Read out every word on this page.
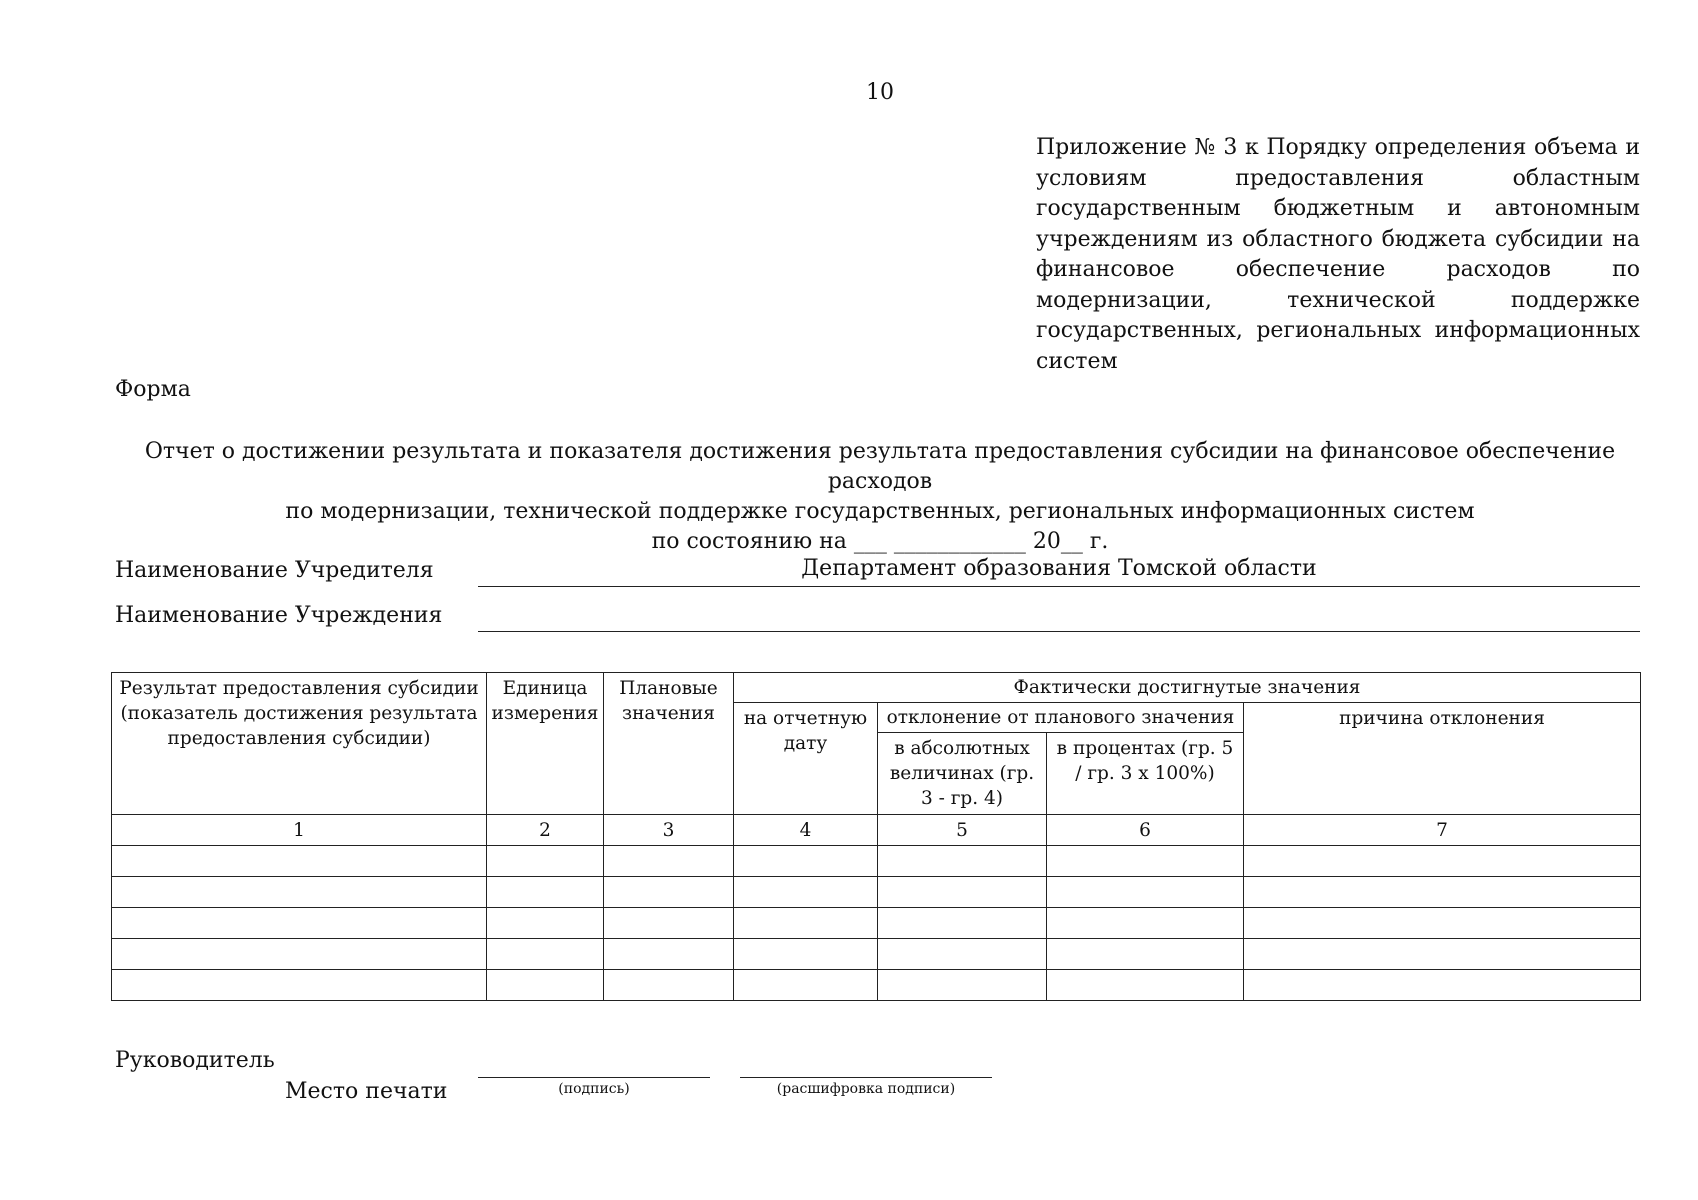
10
Приложение № 3 к Порядку определения объема и условиям предоставления областным государственным бюджетным и автономным учреждениям из областного бюджета субсидии на финансовое обеспечение расходов по модернизации, технической поддержке государственных, региональных информационных систем
Форма
Отчет о достижении результата и показателя достижения результата предоставления субсидии на финансовое обеспечение расходов
по модернизации, технической поддержке государственных, региональных информационных систем
по состоянию на ___ ____________ 20__ г.
Наименование Учредителя	Департамент образования Томской области
Наименование Учреждения
Результат предоставления субсидии (показатель достижения результата предоставления субсидии)	Единица измерения	Плановые значения	Фактически достигнутые значения			
			на отчетную дату	отклонение от планового значения		причина отклонения
				в абсолютных величинах (гр. 3 - гр. 4)	в процентах (гр. 5 / гр. 3 х 100%)	
1	2	3	4	5	6	7

Руководитель
Место печати	(подпись)	(расшифровка подписи)
